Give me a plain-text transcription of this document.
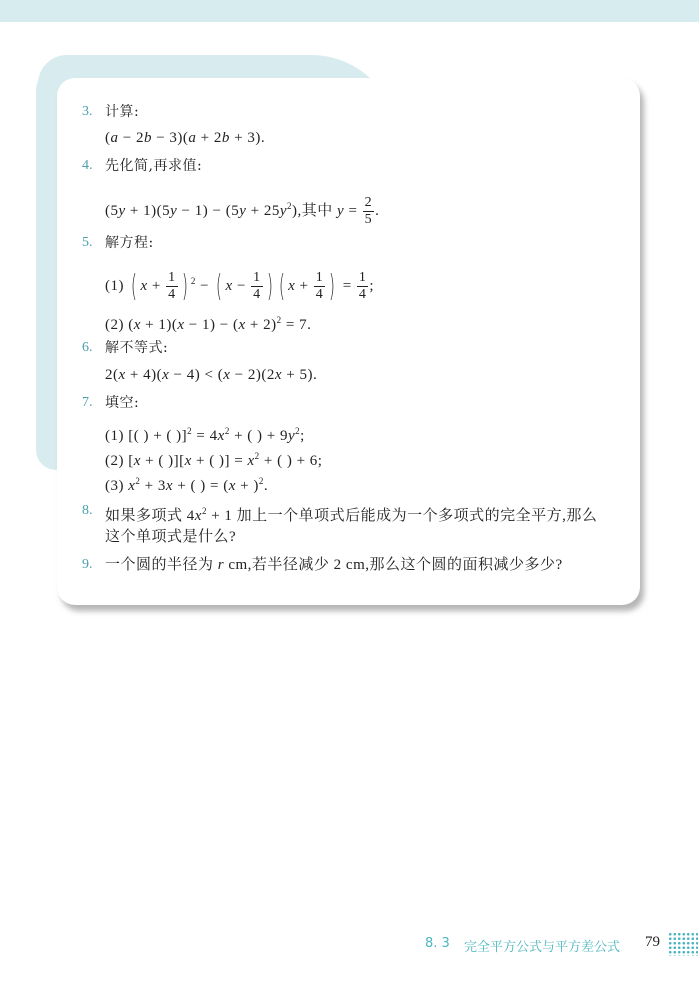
3. 计算:
(a − 2b − 3)(a + 2b + 3).
4. 先化简,再求值:
$(5y + 1)(5y - 1) - (5y + 25y^2)$,其中 $y = \frac{2}{5}$ .
5. 解方程:
(1) ( $x + \frac{1}{4}$ ) $^2$ − ( $x - \frac{1}{4}$ ) ( $x + \frac{1}{4}$ ) = $\frac{1}{4}$ ;
(2) $(x + 1)(x - 1) - (x + 2)^2 = 7$.
6. 解不等式:
2(x + 4)(x − 4) < (x − 2)(2x + 5).
7. 填空:
(1) [( ) + ( )]$^2 = 4x^2$ + ( ) + $9y^2$;
(2) [x + ( )][x + ( )] = $x^2$ + ( ) + 6;
(3) $x^2 + 3x$ + ( ) = $(x + )^2$.
8. 如果多项式 $4x^2 + 1$ 加上一个单项式后能成为一个多项式的完全平方,那么
这个单项式是什么?
9. 一个圆的半径为 r cm,若半径减少 2 cm,那么这个圆的面积减少多少?
8. 3 完全平方公式与平方差公式 79
